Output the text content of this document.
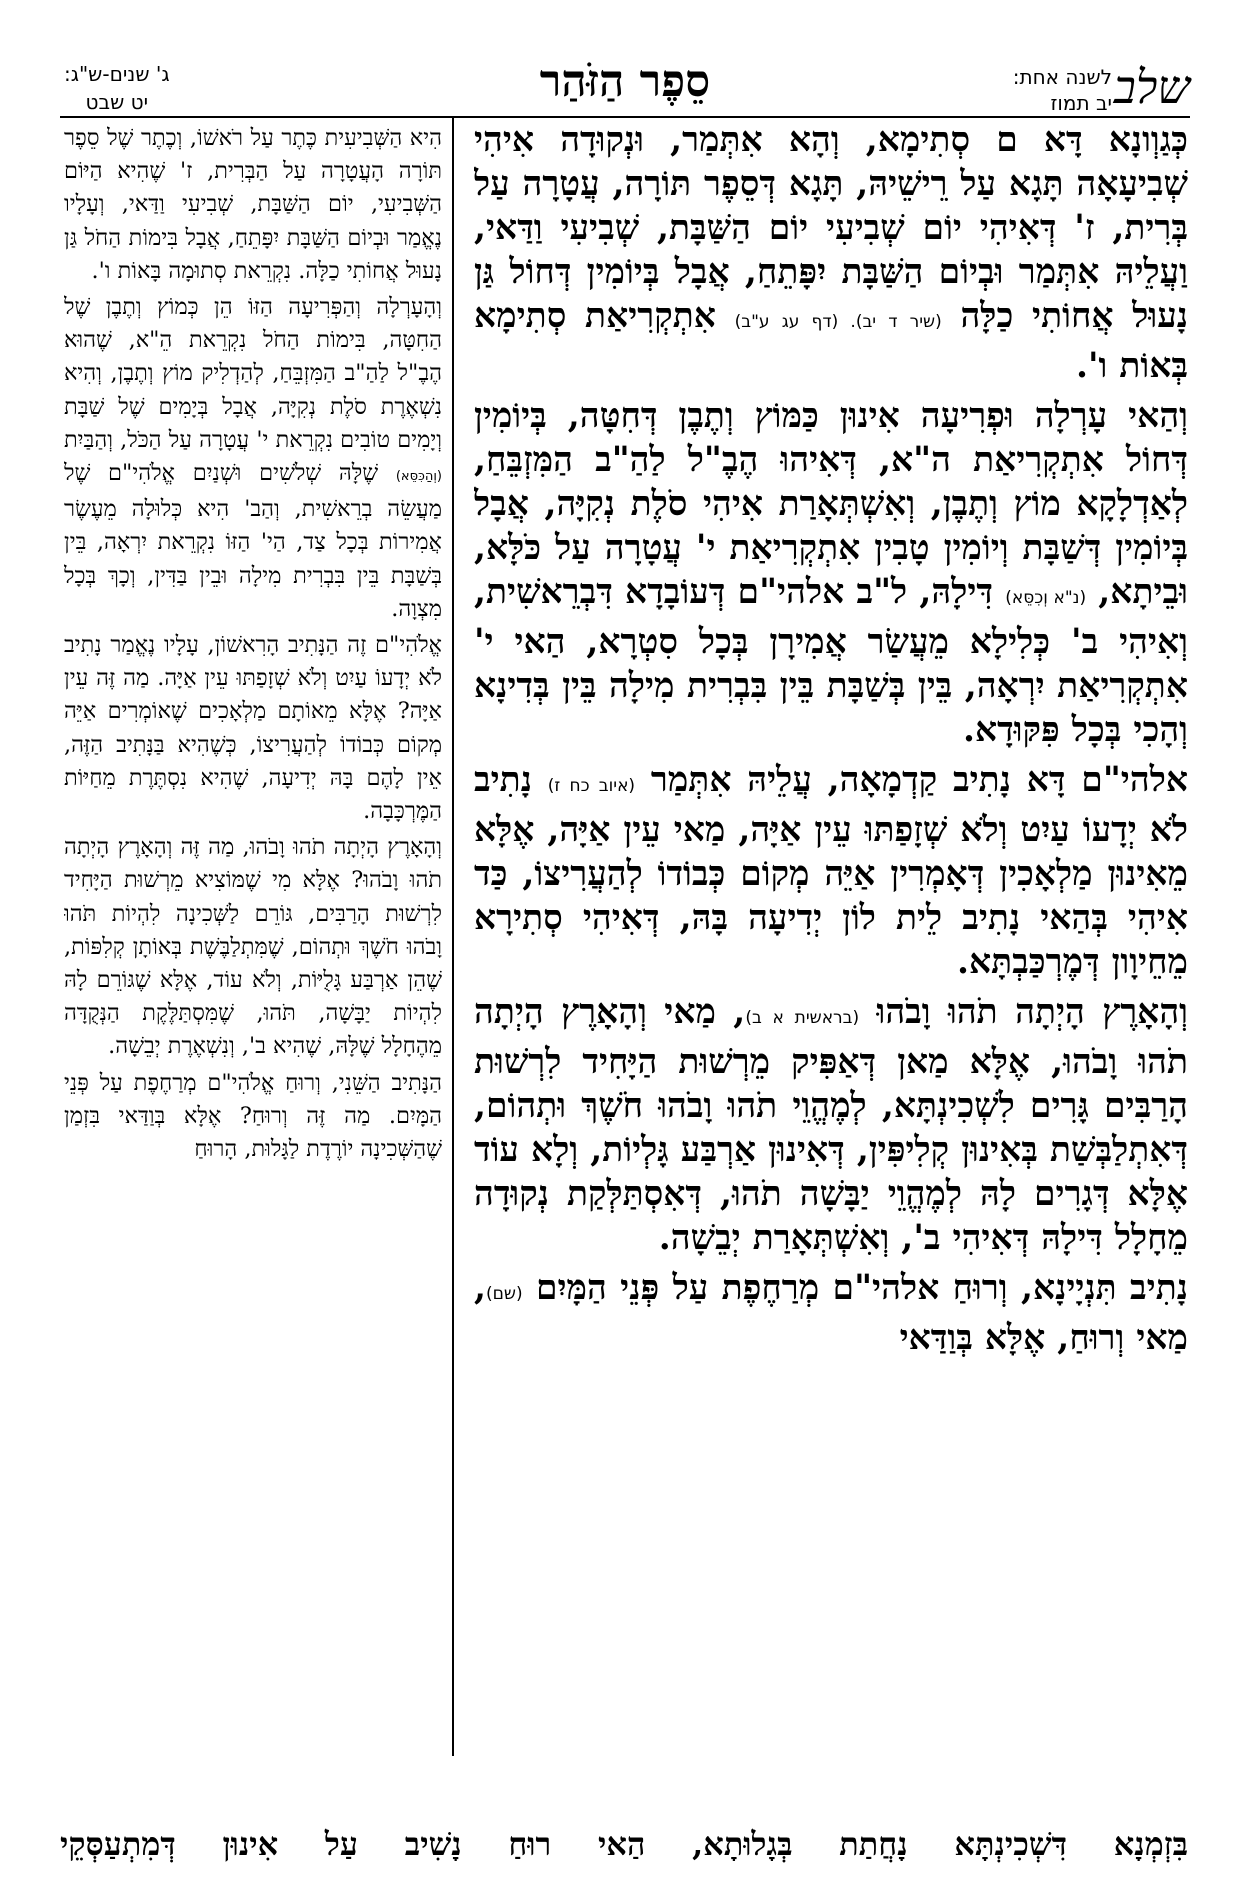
שלב
לשנה אחת:
יב תמוז
סֵפֶר הַזֹּהַר
ג' שנים-ש"ג:
יט שבט

כְּגַוְונָא דָּא ם סְתִימָא, וְהָא אִתְּמַר, וּנְקוּדָה אִיהִי שְׁבִיעָאָה תָּגָא עַל רֵישֵׁיהּ, תָּגָא דְּסֵפֶר תּוֹרָה, עֲטָרָה עַל בְּרִית, ז' דְּאִיהִי יוֹם שְׁבִיעִי יוֹם הַשַּׁבָּת, שְׁבִיעִי וַדַּאי, וַעֲלֵיהּ אִתְּמַר וּבְיוֹם הַשַּׁבָּת יִפָּתֵחַ, אֲבָל בְּיוֹמִין דְּחוֹל גַּן נָעוּל אֲחוֹתִי כַלָּה (שיר ד יב). (דף עג ע"ב) אִתְקְרִיאַת סְתִימָא בְּאוֹת ו'.

וְהַאי עָרְלָה וּפְרִיעָה אִינוּן כַּמּוֹץ וְתֶבֶן דְּחִטָּה, בְּיוֹמִין דְּחוֹל אִתְקְרִיאַת ה"א, דְּאִיהוּ הֶבֶ"ל לַהַ"ב הַמִּזְבֵּחַ, לְאַדְלָקָא מוֹץ וְתֶבֶן, וְאִשְׁתְּאָרַת אִיהִי סֹלֶת נְקִיָּה, אֲבָל בְּיוֹמִין דְּשַׁבָּת וְיוֹמִין טָבִין אִתְקְרִיאַת י' עֲטָרָה עַל כֹּלָּא, וּבֵיתָא, (נ"א וְכִסֵּא) דִּילָהּ, ל"ב אלהי"ם דְּעוֹבָדָא דִּבְרֵאשִׁית, וְאִיהִי ב' כְּלִילָא מֵעֲשַׂר אֲמִירָן בְּכָל סִטְרָא, הַאי י' אִתְקְרִיאַת יִרְאָה, בֵּין בְּשַׁבָּת בֵּין בִּבְרִית מִילָה בֵּין בְּדִינָא וְהָכִי בְּכָל פִּקּוּדָא.

אלהי"ם דָּא נָתִיב קַדְמָאָה, עֲלֵיהּ אִתְּמַר (איוב כח ז) נָתִיב לֹא יְדָעוֹ עַיִט וְלֹא שְׁזָפַתּוּ עֵין אַיָּה, מַאי עֵין אַיָּה, אֶלָּא מֵאִינוּן מַלְאָכִין דְּאָמְרִין אַיֵּה מְקוֹם כְּבוֹדוֹ לְהַעֲרִיצוֹ, כַּד אִיהִי בְּהַאי נָתִיב לֵית לוֹן יְדִיעָה בָּהּ, דְּאִיהִי סְתִירָא מֵחֵיוָון דְּמֶרְכַּבְתָּא.

וְהָאָרֶץ הָיְתָה תֹהוּ וָבֹהוּ (בראשית א ב), מַאי וְהָאָרֶץ הָיְתָה תֹהוּ וָבֹהוּ, אֶלָּא מַאן דְּאַפִּיק מֵרְשׁוּת הַיָּחִיד לִרְשׁוּת הָרַבִּים גָּרִים לִשְׁכִינְתָּא, לְמֶהֱוֵי תֹהוּ וָבֹהוּ חֹשֶׁךְ וּתְהוֹם, דְּאִתְלַבְּשַׁת בְּאִינוּן קְלִיפִּין, דְּאִינוּן אַרְבַּע גָּלְיוֹת, וְלָא עוֹד אֶלָּא דְּגָרִים לָהּ לְמֶהֱוֵי יַבָּשָׁה תֹהוּ, דְּאִסְתַּלְּקַת נְקוּדָה מֵחָלָל דִּילָהּ דְּאִיהִי ב', וְאִשְׁתְּאָרַת יְבֵשָׁה.

נָתִיב תִּנְיָינָא, וְרוּחַ אלהי"ם מְרַחֶפֶת עַל פְּנֵי הַמָּיִם (שם), מַאי וְרוּחַ, אֶלָּא בְּוַדַּאי

הִיא הַשְּׁבִיעִית כֶּתֶר עַל רֹאשׁוֹ, וְכֶתֶר שֶׁל סֵפֶר תּוֹרָה הָעֲטָרָה עַל הַבְּרִית, ז' שֶׁהִיא הַיּוֹם הַשְּׁבִיעִי, יוֹם הַשַּׁבָּת, שְׁבִיעִי וַדַּאי, וְעָלָיו נֶאֱמַר וּבְיוֹם הַשַּׁבָּת יִפָּתֵחַ, אֲבָל בִּימוֹת הַחֹל גַּן נָעוּל אֲחוֹתִי כַלָּה. נִקְרֵאת סְתוּמָה בָּאוֹת ו'.

וְהָעָרְלָה וְהַפְּרִיעָה הַזּוֹ הֵן כְּמוֹץ וְתֶבֶן שֶׁל הַחִטָּה, בִּימוֹת הַחֹל נִקְרֵאת הֵ"א, שֶׁהוּא הֶבֶ"ל לַהַ"ב הַמִּזְבֵּחַ, לְהַדְלִיק מוֹץ וְתֶבֶן, וְהִיא נִשְׁאֶרֶת סֹלֶת נְקִיָּה, אֲבָל בְּיָמִים שֶׁל שַׁבָּת וְיָמִים טוֹבִים נִקְרֵאת י' עֲטָרָה עַל הַכֹּל, וְהַבַּיִת (וְהַכִּסֵּא) שֶׁלָּהּ שְׁלֹשִׁים וּשְׁנַיִם אֱלֹהִי"ם שֶׁל מַעֲשֵׂה בְרֵאשִׁית, וְהַב' הִיא כְּלוּלָה מֵעֶשֶׂר אֲמִירוֹת בְּכָל צַד, הַי' הַזּוֹ נִקְרֵאת יִרְאָה, בֵּין בְּשַׁבָּת בֵּין בִּבְרִית מִילָה וּבֵין בַּדִּין, וְכָךְ בְּכָל מִצְוָה.

אֱלֹהִי"ם זֶה הַנָּתִיב הָרִאשׁוֹן, עָלָיו נֶאֱמַר נָתִיב לֹא יְדָעוֹ עַיִט וְלֹא שְׁזָפַתּוּ עֵין אַיָּה. מַה זֶּה עֵין אַיָּה? אֶלָּא מֵאוֹתָם מַלְאָכִים שֶׁאוֹמְרִים אַיֵּה מְקוֹם כְּבוֹדוֹ לְהַעֲרִיצוֹ, כְּשֶׁהִיא בַּנָּתִיב הַזֶּה, אֵין לָהֶם בָּהּ יְדִיעָה, שֶׁהִיא נִסְתֶּרֶת מֵחַיּוֹת הַמֶּרְכָּבָה.

וְהָאָרֶץ הָיְתָה תֹהוּ וָבֹהוּ, מַה זֶּה וְהָאָרֶץ הָיְתָה תֹהוּ וָבֹהוּ? אֶלָּא מִי שֶׁמּוֹצִיא מֵרְשׁוּת הַיָּחִיד לִרְשׁוּת הָרַבִּים, גּוֹרֵם לַשְּׁכִינָה לִהְיוֹת תֹּהוּ וָבֹהוּ חֹשֶׁךְ וּתְהוֹם, שֶׁמִּתְלַבֶּשֶׁת בְּאוֹתָן קְלִפּוֹת, שֶׁהֵן אַרְבַּע גָּלֻיּוֹת, וְלֹא עוֹד, אֶלָּא שֶׁגּוֹרֵם לָהּ לִהְיוֹת יַבָּשָׁה, תֹּהוּ, שֶׁמִּסְתַּלֶּקֶת הַנְּקֻדָּה מֵהֶחָלָל שֶׁלָּהּ, שֶׁהִיא ב', וְנִשְׁאֶרֶת יְבֵשָׁה.

הַנָּתִיב הַשֵּׁנִי, וְרוּחַ אֱלֹהִי"ם מְרַחֶפֶת עַל פְּנֵי הַמָּיִם. מַה זֶּה וְרוּחַ? אֶלָּא בְּוַדַּאי בִּזְמַן שֶׁהַשְּׁכִינָה יוֹרֶדֶת לַגָּלוּת, הָרוּחַ

בִּזְמְנָא דִּשְׁכִינְתָּא נָחֲתַת בְּגָלוּתָא, הַאי רוּחַ נָשִׁיב עַל אִינוּן דְּמִתְעַסְּקֵי
